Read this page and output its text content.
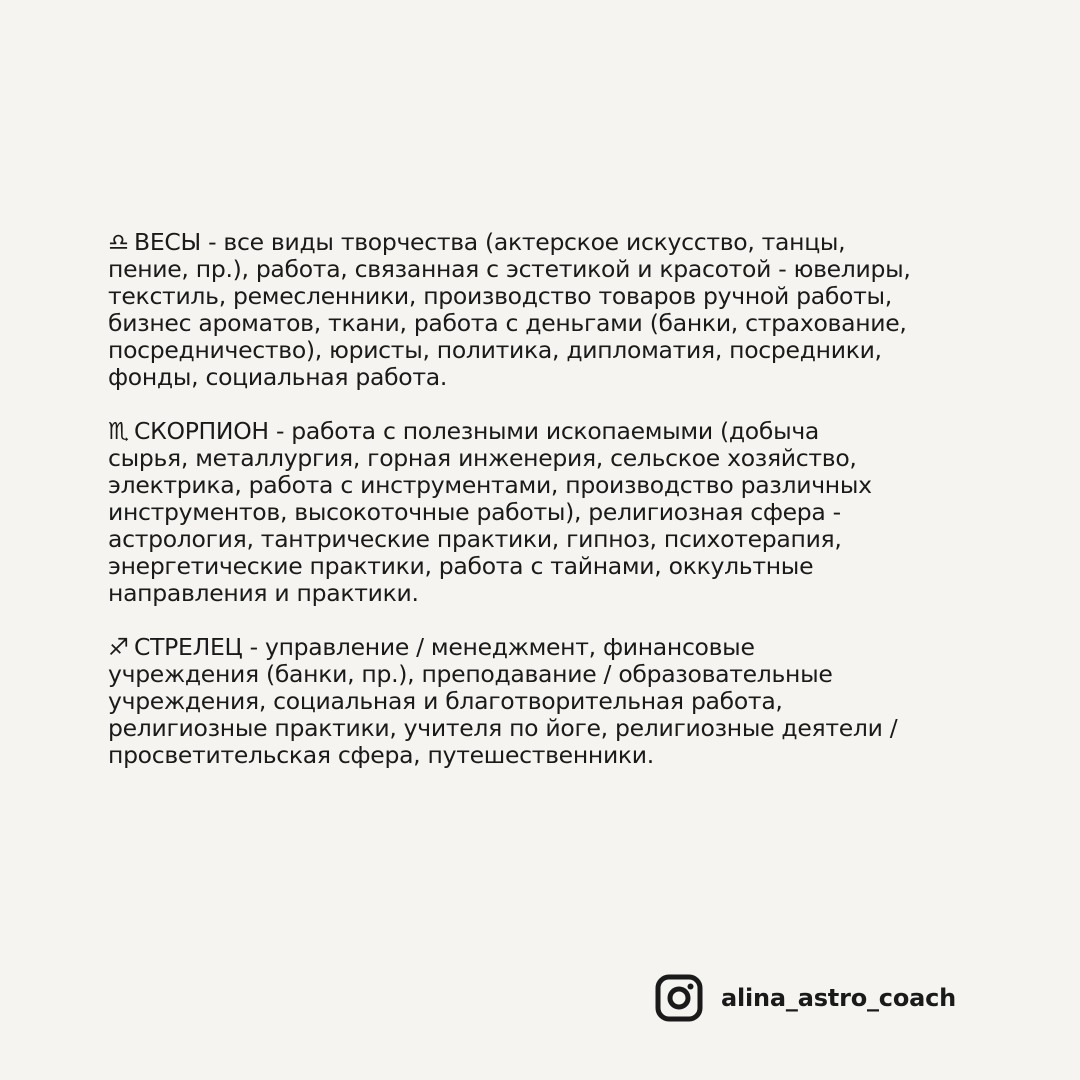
♎ ВЕСЫ - все виды творчества (актерское искусство, танцы,
пение, пр.), работа, связанная с эстетикой и красотой - ювелиры,
текстиль, ремесленники, производство товаров ручной работы,
бизнес ароматов, ткани, работа с деньгами (банки, страхование,
посредничество), юристы, политика, дипломатия, посредники,
фонды, социальная работа.
♏ СКОРПИОН - работа с полезными ископаемыми (добыча
сырья, металлургия, горная инженерия, сельское хозяйство,
электрика, работа с инструментами, производство различных
инструментов, высокоточные работы), религиозная сфера -
астрология, тантрические практики, гипноз, психотерапия,
энергетические практики, работа с тайнами, оккультные
направления и практики.
♐ СТРЕЛЕЦ - управление / менеджмент, финансовые
учреждения (банки, пр.), преподавание / образовательные
учреждения, социальная и благотворительная работа,
религиозные практики, учителя по йоге, религиозные деятели /
просветительская сфера, путешественники.
alina_astro_coach
